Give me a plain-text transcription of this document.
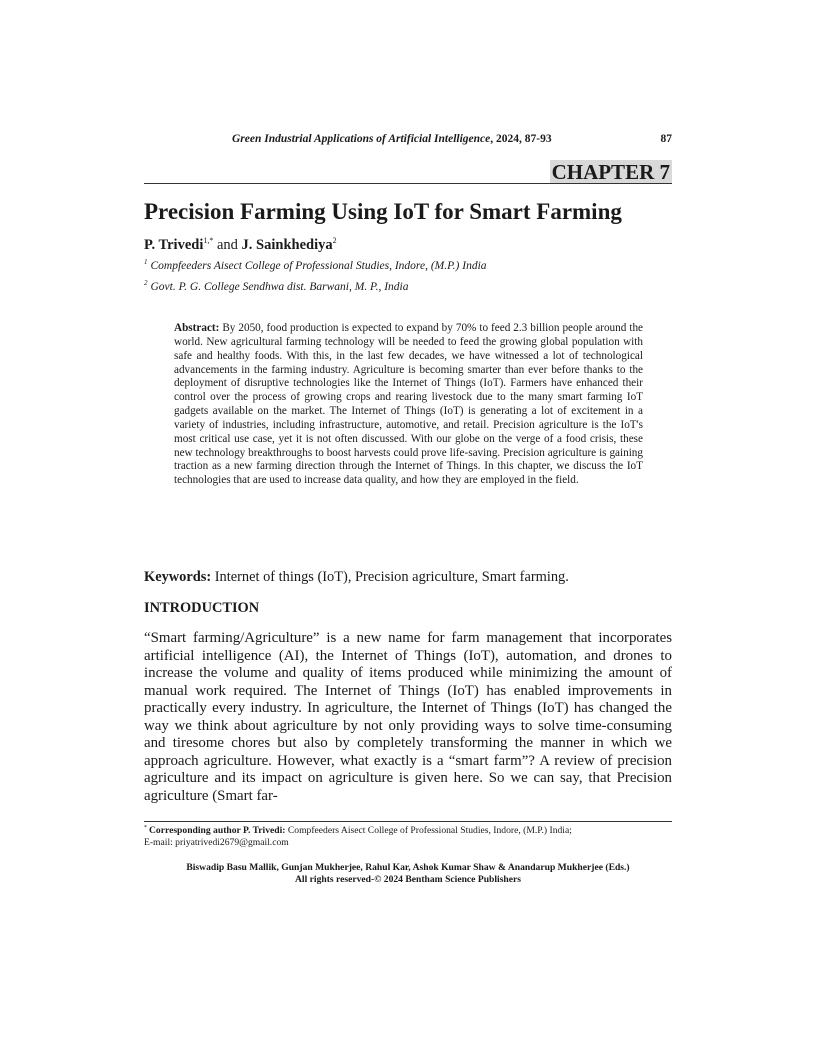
Green Industrial Applications of Artificial Intelligence, 2024, 87-93	87
CHAPTER 7
Precision Farming Using IoT for Smart Farming
P. Trivedi$^{1,*}$ and J. Sainkhediya$^2$
$^1$ Compfeeders Aisect College of Professional Studies, Indore, (M.P.) India
$^2$ Govt. P. G. College Sendhwa dist. Barwani, M. P., India

Abstract: By 2050, food production is expected to expand by 70% to feed 2.3 billion people around the world. New agricultural farming technology will be needed to feed the growing global population with safe and healthy foods. With this, in the last few decades, we have witnessed a lot of technological advancements in the farming industry. Agriculture is becoming smarter than ever before thanks to the deployment of disruptive technologies like the Internet of Things (IoT). Farmers have enhanced their control over the process of growing crops and rearing livestock due to the many smart farming IoT gadgets available on the market. The Internet of Things (IoT) is generating a lot of excitement in a variety of industries, including infrastructure, automotive, and retail. Precision agriculture is the IoT's most critical use case, yet it is not often discussed. With our globe on the verge of a food crisis, these new technology breakthroughs to boost harvests could prove life-saving. Precision agriculture is gaining traction as a new farming direction through the Internet of Things. In this chapter, we discuss the IoT technologies that are used to increase data quality, and how they are employed in the field.

Keywords: Internet of things (IoT), Precision agriculture, Smart farming.
INTRODUCTION

“Smart farming/Agriculture” is a new name for farm management that incorporates artificial intelligence (AI), the Internet of Things (IoT), automation, and drones to increase the volume and quality of items produced while minimizing the amount of manual work required. The Internet of Things (IoT) has enabled improvements in practically every industry. In agriculture, the Internet of Things (IoT) has changed the way we think about agriculture by not only providing ways to solve time-consuming and tiresome chores but also by completely transforming the manner in which we approach agriculture. However, what exactly is a “smart farm”? A review of precision agriculture and its impact on agriculture is given here. So we can say, that Precision agriculture (Smart far-

* Corresponding author P. Trivedi: Compfeeders Aisect College of Professional Studies, Indore, (M.P.) India;
E-mail: priyatrivedi2679@gmail.com
Biswadip Basu Mallik, Gunjan Mukherjee, Rahul Kar, Ashok Kumar Shaw & Anandarup Mukherjee (Eds.)
All rights reserved-© 2024 Bentham Science Publishers
